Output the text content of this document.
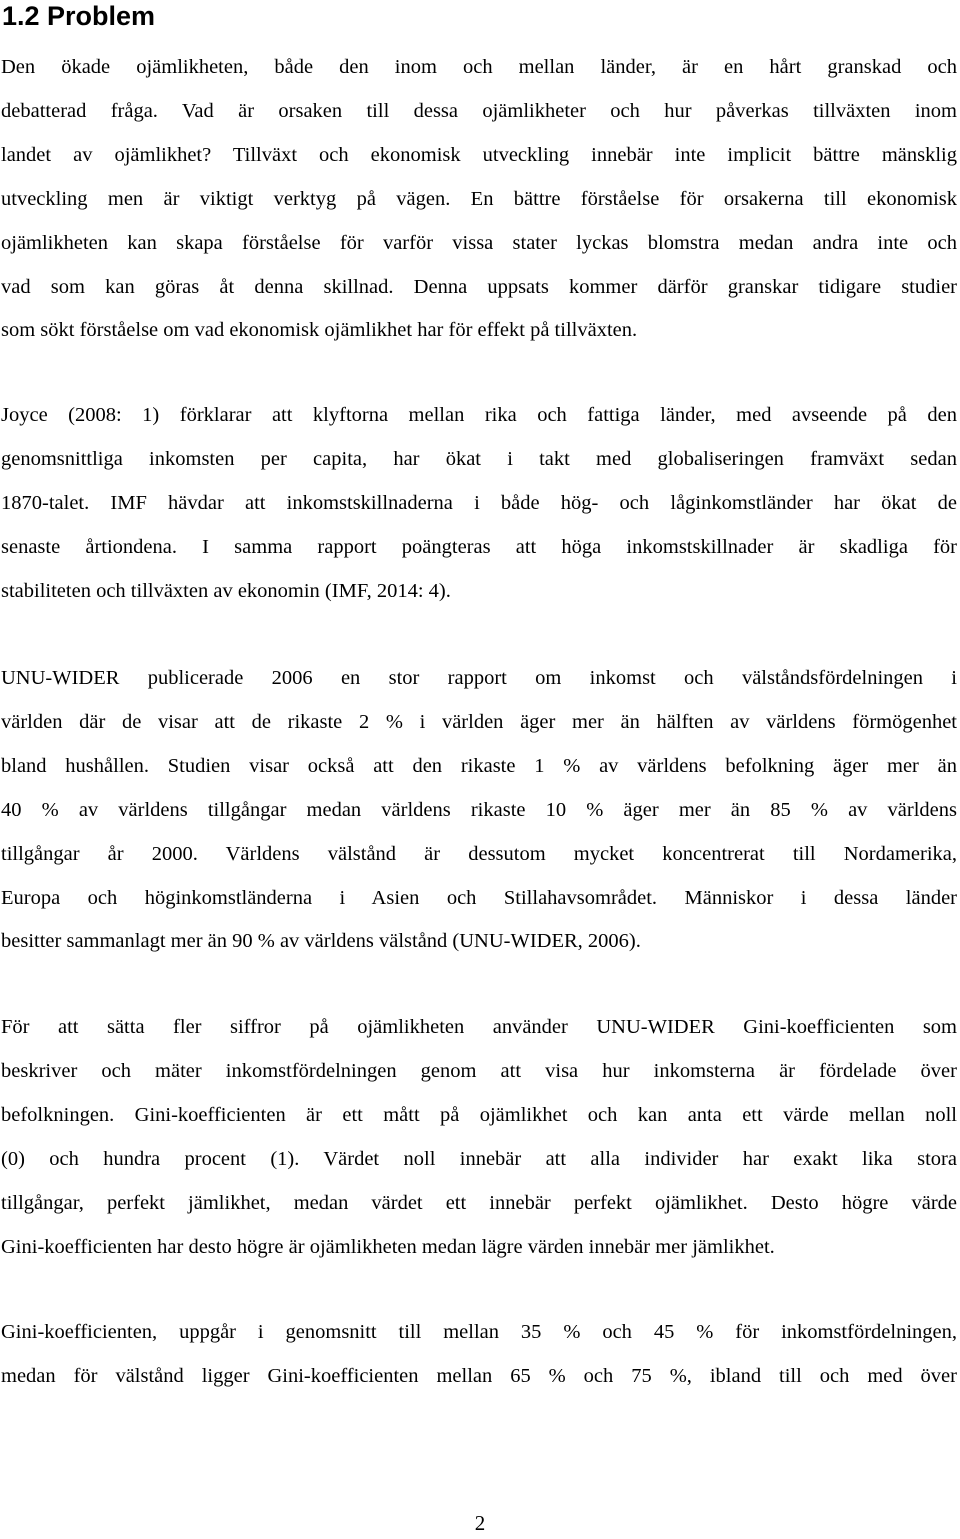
1.2 Problem
Den ökade ojämlikheten, både den inom och mellan länder, är en hårt granskad och
debatterad fråga. Vad är orsaken till dessa ojämlikheter och hur påverkas tillväxten inom
landet av ojämlikhet? Tillväxt och ekonomisk utveckling innebär inte implicit bättre mänsklig
utveckling men är viktigt verktyg på vägen. En bättre förståelse för orsakerna till ekonomisk
ojämlikheten kan skapa förståelse för varför vissa stater lyckas blomstra medan andra inte och
vad som kan göras åt denna skillnad. Denna uppsats kommer därför granskar tidigare studier
som sökt förståelse om vad ekonomisk ojämlikhet har för effekt på tillväxten.
Joyce (2008: 1) förklarar att klyftorna mellan rika och fattiga länder, med avseende på den
genomsnittliga inkomsten per capita, har ökat i takt med globaliseringen framväxt sedan
1870-talet. IMF hävdar att inkomstskillnaderna i både hög- och låginkomstländer har ökat de
senaste årtiondena. I samma rapport poängteras att höga inkomstskillnader är skadliga för
stabiliteten och tillväxten av ekonomin (IMF, 2014: 4).
UNU-WIDER publicerade 2006 en stor rapport om inkomst och välståndsfördelningen i
världen där de visar att de rikaste 2 % i världen äger mer än hälften av världens förmögenhet
bland hushållen. Studien visar också att den rikaste 1 % av världens befolkning äger mer än
40 % av världens tillgångar medan världens rikaste 10 % äger mer än 85 % av världens
tillgångar år 2000. Världens välstånd är dessutom mycket koncentrerat till Nordamerika,
Europa och höginkomstländerna i Asien och Stillahavsområdet. Människor i dessa länder
besitter sammanlagt mer än 90 % av världens välstånd (UNU-WIDER, 2006).
För att sätta fler siffror på ojämlikheten använder UNU-WIDER Gini-koefficienten som
beskriver och mäter inkomstfördelningen genom att visa hur inkomsterna är fördelade över
befolkningen. Gini-koefficienten är ett mått på ojämlikhet och kan anta ett värde mellan noll
(0) och hundra procent (1). Värdet noll innebär att alla individer har exakt lika stora
tillgångar, perfekt jämlikhet, medan värdet ett innebär perfekt ojämlikhet. Desto högre värde
Gini-koefficienten har desto högre är ojämlikheten medan lägre värden innebär mer jämlikhet.
Gini-koefficienten, uppgår i genomsnitt till mellan 35 % och 45 % för inkomstfördelningen,
medan för välstånd ligger Gini-koefficienten mellan 65 % och 75 %, ibland till och med över
2
